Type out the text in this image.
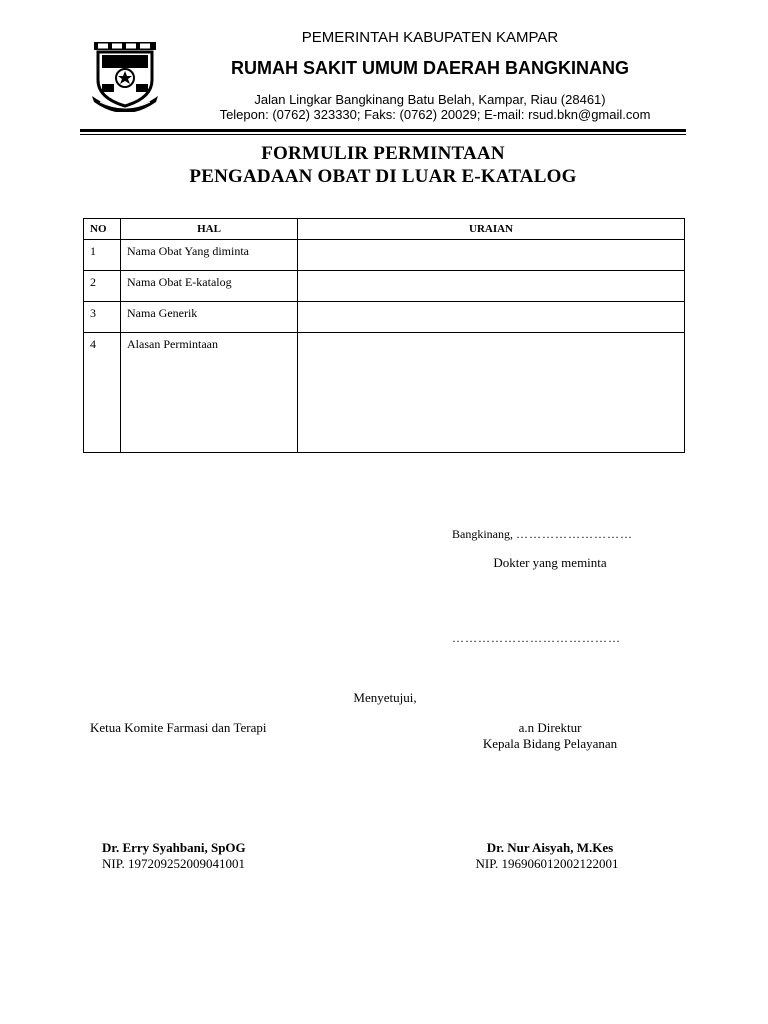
PEMERINTAH KABUPATEN KAMPAR
RUMAH SAKIT UMUM DAERAH BANGKINANG
Jalan Lingkar Bangkinang Batu Belah, Kampar, Riau (28461)
Telepon: (0762) 323330; Faks: (0762) 20029; E-mail: rsud.bkn@gmail.com
FORMULIR PERMINTAAN
PENGADAAN OBAT DI LUAR E-KATALOG
NO	HAL	URAIAN
1	Nama Obat Yang diminta	
2	Nama Obat E-katalog	
3	Nama Generik	
4	Alasan Permintaan	
Bangkinang, ………………………
Dokter yang meminta
…………………………………
Menyetujui,
Ketua Komite Farmasi dan Terapi	a.n Direktur
Kepala Bidang Pelayanan
Dr. Erry Syahbani, SpOG
NIP. 197209252009041001
Dr. Nur Aisyah, M.Kes
NIP. 196906012002122001
